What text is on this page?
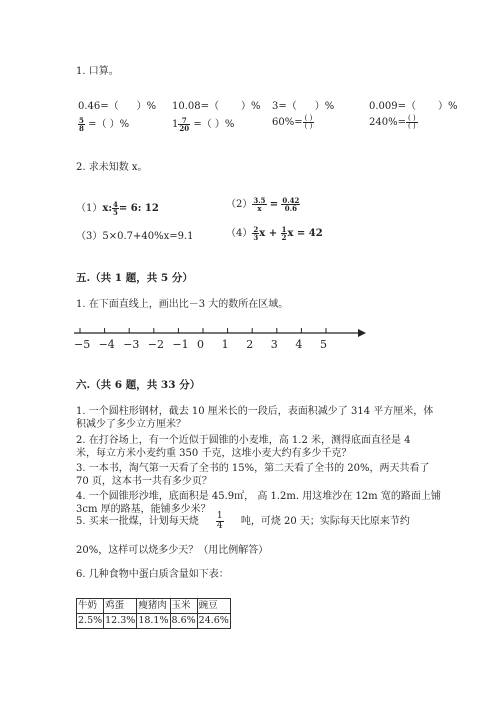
1. 口算。
0.46=（ ）% 10.08=（ ）% 3=（ ）%	0.009=（ ）%
$\frac{5}{8}$ =（ ）%	$1 \frac{7}{20}$ =（ ）%	$60\%= \frac{( )}{( )}$	$240\%= \frac{( )}{( )}$
2. 求未知数 x。
（1）x: $\frac{4}{5} = 6$: 12	$(2) \frac{3.5}{x} = \frac{0.42}{0.6}$
（3）5×0.7+40%x=9.1	$(4) \frac{2}{3}$ $x + \frac{1}{2}$ x = 42
五.（共 1 题，共 5 分）
1. 在下面直线上，画出比－3 大的数所在区域。
−5 −4 −3 −2 −1 0 1 2 3 4 5
六.（共 6 题，共 33 分）
1. 一个圆柱形钢材，截去 10 厘米长的一段后，表面积减少了 314 平方厘米，体
积减少了多少立方厘米？
2. 在打谷场上，有一个近似于圆锥的小麦堆，高 1.2 米，测得底面直径是 4
米，每立方米小麦约重 350 千克，这堆小麦大约有多少千克？
3. 一本书，淘气第一天看了全书的 15%，第二天看了全书的 20%，两天共看了
70 页，这本书一共有多少页？
4. 一个圆锥形沙堆，底面积是 45.9㎡， 高 1.2m. 用这堆沙在 12m 宽的路面上铺
3cm 厚的路基，能铺多少米？
5. 买来一批煤，计划每天烧 $\frac{1}{4}$ 吨，可烧 20 天；实际每天比原来节约
20%，这样可以烧多少天？（用比例解答）
6. 几种食物中蛋白质含量如下表：
牛奶	鸡蛋	瘦猪肉	玉米	豌豆
2.5%	12.3%	18.1%	8.6%	24.6%
